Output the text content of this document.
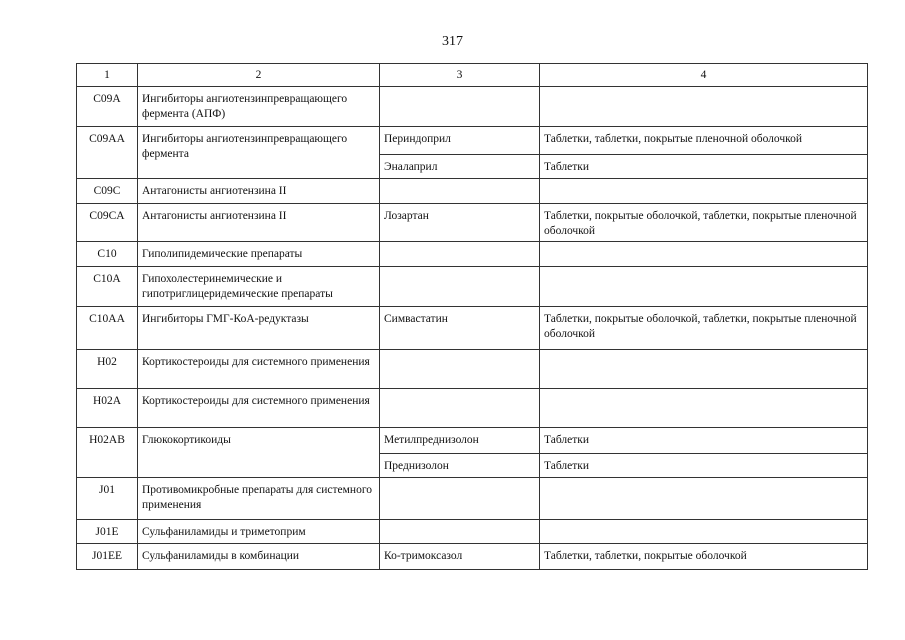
317
1	2	3	4
C09A	Ингибиторы ангиотензинпревращающего фермента (АПФ)		
C09AA	Ингибиторы ангиотензинпревращающего фермента	Периндоприл	Таблетки, таблетки, покрытые пленочной оболочкой
		Эналаприл	Таблетки
C09C	Антагонисты ангиотензина II		
C09CA	Антагонисты ангиотензина II	Лозартан	Таблетки, покрытые оболочкой, таблетки, покрытые пленочной оболочкой
C10	Гиполипидемические препараты		
C10A	Гипохолестеринемические и гипотриглицеридемические препараты		
C10AA	Ингибиторы ГМГ-КоА-редуктазы	Симвастатин	Таблетки, покрытые оболочкой, таблетки, покрытые пленочной оболочкой
H02	Кортикостероиды для системного применения		
H02A	Кортикостероиды для системного применения		
H02AB	Глюкокортикоиды	Метилпреднизолон	Таблетки
		Преднизолон	Таблетки
J01	Противомикробные препараты для системного применения		
J01E	Сульфаниламиды и триметоприм		
J01EE	Сульфаниламиды в комбинации	Ко-тримоксазол	Таблетки, таблетки, покрытые оболочкой
